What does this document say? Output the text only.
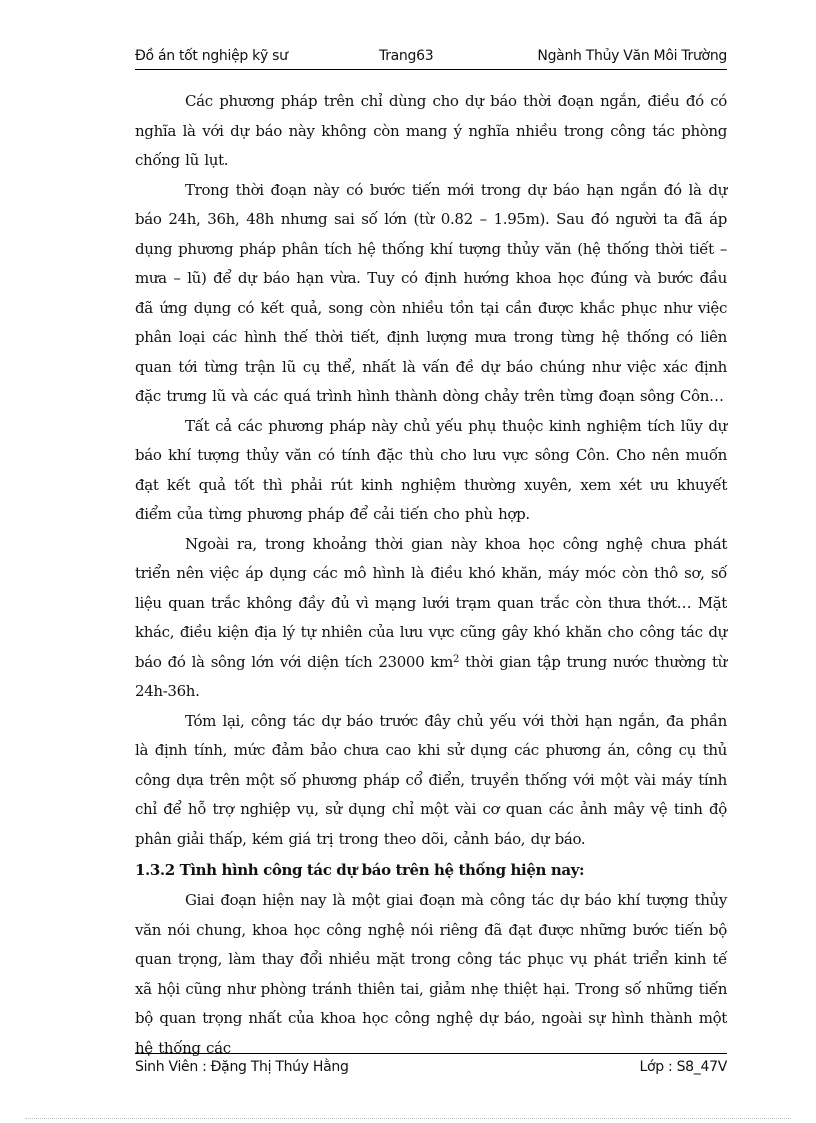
Đồ án tốt nghiệp kỹ sư	Trang63	Ngành Thủy Văn Môi Trường

Các phương pháp trên chỉ dùng cho dự báo thời đoạn ngắn, điều đó có nghĩa là với dự báo này không còn mang ý nghĩa nhiều trong công tác phòng chống lũ lụt.

Trong thời đoạn này có bước tiến mới trong dự báo hạn ngắn đó là dự báo 24h, 36h, 48h nhưng sai số lớn (từ 0.82 – 1.95m). Sau đó người ta đã áp dụng phương pháp phân tích hệ thống khí tượng thủy văn (hệ thống thời tiết – mưa – lũ) để dự báo hạn vừa. Tuy có định hướng khoa học đúng và bước đầu đã ứng dụng có kết quả, song còn nhiều tồn tại cần được khắc phục như việc phân loại các hình thế thời tiết, định lượng mưa trong từng hệ thống có liên quan tới từng trận lũ cụ thể, nhất là vấn đề dự báo chúng như việc xác định đặc trưng lũ và các quá trình hình thành dòng chảy trên từng đoạn sông Côn…

Tất cả các phương pháp này chủ yếu phụ thuộc kinh nghiệm tích lũy dự báo khí tượng thủy văn có tính đặc thù cho lưu vực sông Côn. Cho nên muốn đạt kết quả tốt thì phải rút kinh nghiệm thường xuyên, xem xét ưu khuyết điểm của từng phương pháp để cải tiến cho phù hợp.

Ngoài ra, trong khoảng thời gian này khoa học công nghệ chưa phát triển nên việc áp dụng các mô hình là điều khó khăn, máy móc còn thô sơ, số liệu quan trắc không đầy đủ vì mạng lưới trạm quan trắc còn thưa thớt… Mặt khác, điều kiện địa lý tự nhiên của lưu vực cũng gây khó khăn cho công tác dự báo đó là sông lớn với diện tích 23000 $km^2$ thời gian tập trung nước thường từ 24h-36h.

Tóm lại, công tác dự báo trước đây chủ yếu với thời hạn ngắn, đa phần là định tính, mức đảm bảo chưa cao khi sử dụng các phương án, công cụ thủ công dựa trên một số phương pháp cổ điển, truyền thống với một vài máy tính chỉ để hỗ trợ nghiệp vụ, sử dụng chỉ một vài cơ quan các ảnh mây vệ tinh độ phân giải thấp, kém giá trị trong theo dõi, cảnh báo, dự báo.

1.3.2 Tình hình công tác dự báo trên hệ thống hiện nay:

Giai đoạn hiện nay là một giai đoạn mà công tác dự báo khí tượng thủy văn nói chung, khoa học công nghệ nói riêng đã đạt được những bước tiến bộ quan trọng, làm thay đổi nhiều mặt trong công tác phục vụ phát triển kinh tế xã hội cũng như phòng tránh thiên tai, giảm nhẹ thiệt hại. Trong số những tiến bộ quan trọng nhất của khoa học công nghệ dự báo, ngoài sự hình thành một hệ thống các

Sinh Viên : Đặng Thị Thúy Hằng	Lớp : S8_47V
